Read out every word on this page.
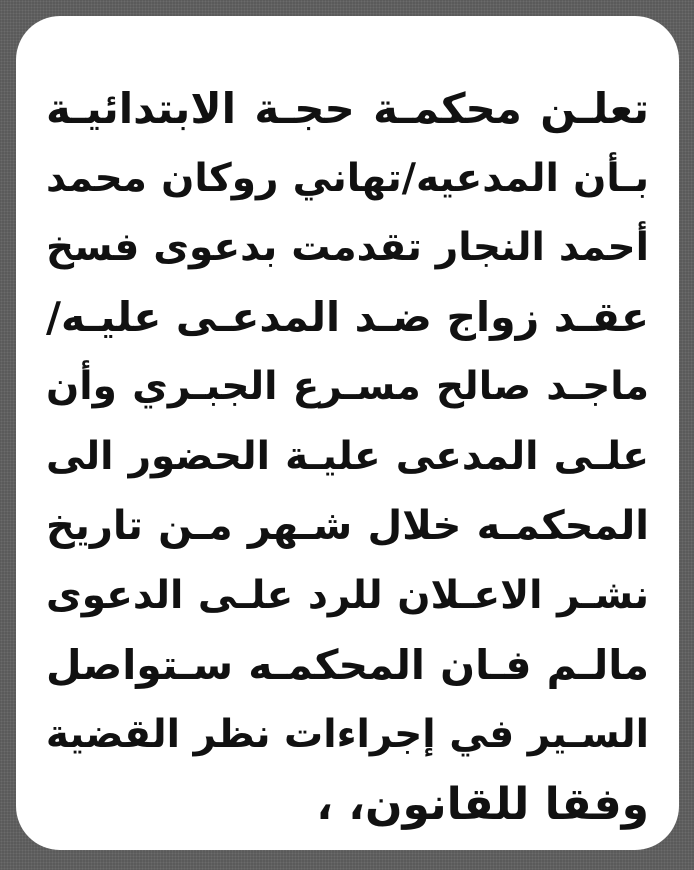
تعلـن محكمـة حجـة الابتدائيـة
بـأن المدعيه/تهاني روكان محمد
أحمد النجار تقدمت بدعوى فسخ
عقـد زواج ضـد المدعـى عليـه/
ماجـد صالح مسـرع الجبـري وأن
علـى المدعى عليـة الحضور الى
المحكمـه خلال شـهر مـن تاريخ
نشـر الاعـلان للرد علـى الدعوى
مالـم فـان المحكمـه سـتواصل
السـير في إجراءات نظر القضية
وفقا للقانون، ،
